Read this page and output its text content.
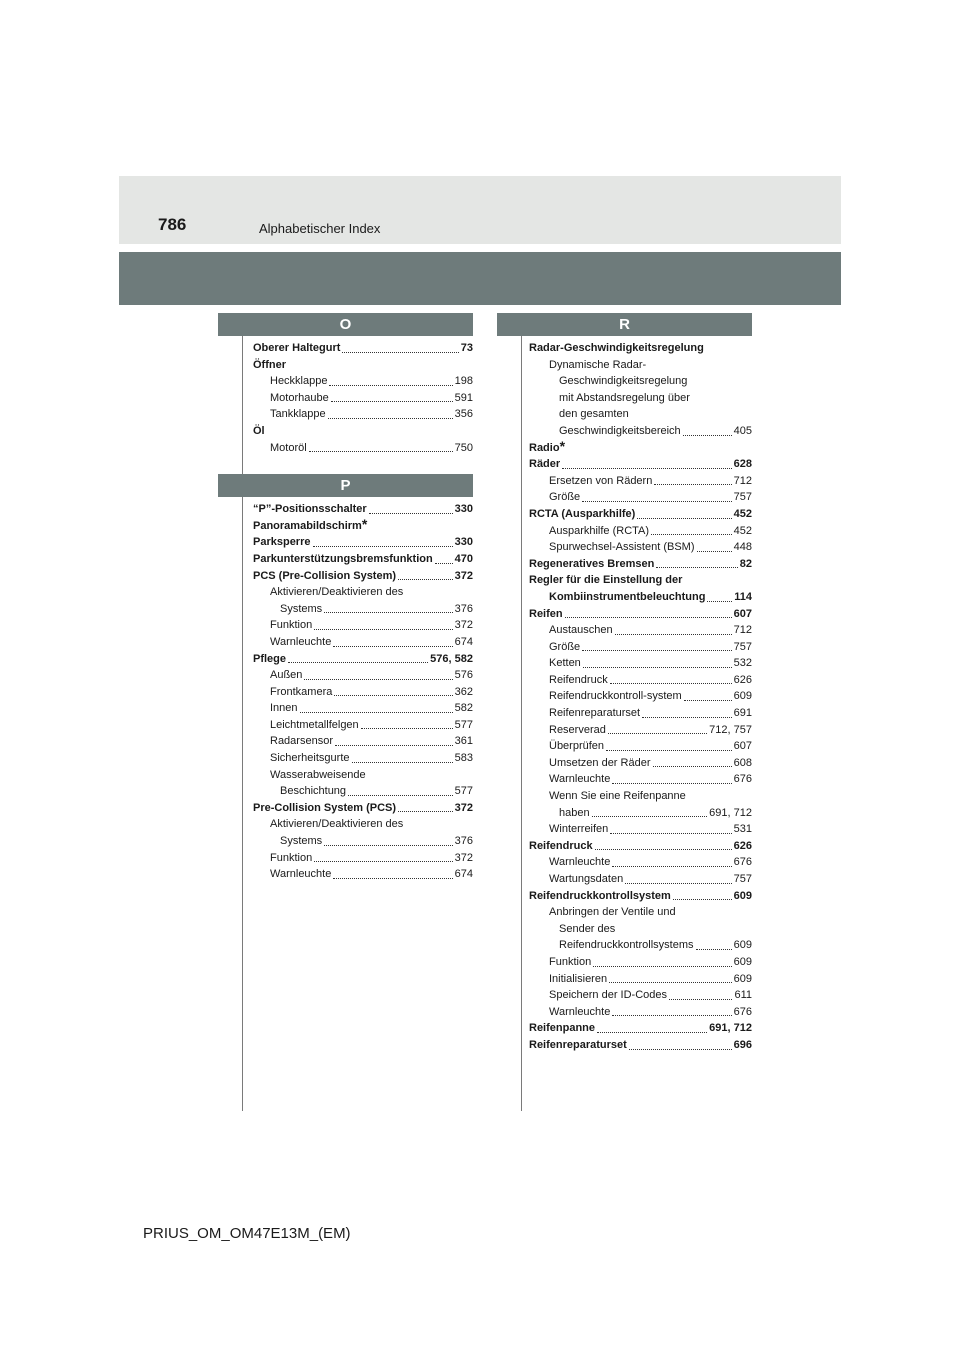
786	Alphabetischer Index
O
Oberer Haltegurt	73
Öffner
Heckklappe	198
Motorhaube	591
Tankklappe	356
Öl
Motoröl	750
P
“P”-Positionsschalter	330
Panoramabildschirm *
Parksperre	330
Parkunterstützungsbremsfunktion 470
PCS (Pre-Collision System)	372
Aktivieren/Deaktivieren des
Systems	376
Funktion	372
Warnleuchte	674
Pflege	576, 582
Außen	576
Frontkamera	362
Innen	582
Leichtmetallfelgen	577
Radarsensor	361
Sicherheitsgurte	583
Wasserabweisende
Beschichtung	577
Pre-Collision System (PCS)	372
Aktivieren/Deaktivieren des
Systems	376
Funktion	372
Warnleuchte	674
R
Radar-Geschwindigkeitsregelung
Dynamische Radar-
Geschwindigkeitsregelung
mit Abstandsregelung über
den gesamten
Geschwindigkeitsbereich	405
Radio *
Räder	628
Ersetzen von Rädern	712
Größe	757
RCTA (Ausparkhilfe)	452
Ausparkhilfe (RCTA)	452
Spurwechsel-Assistent (BSM)	448
Regeneratives Bremsen	82
Regler für die Einstellung der
Kombiinstrumentbeleuchtung	114
Reifen	607
Austauschen	712
Größe	757
Ketten	532
Reifendruck	626
Reifendruckkontroll-system	609
Reifenreparaturset	691
Reserverad	712, 757
Überprüfen	607
Umsetzen der Räder	608
Warnleuchte	676
Wenn Sie eine Reifenpanne
haben	691, 712
Winterreifen	531
Reifendruck	626
Warnleuchte	676
Wartungsdaten	757
Reifendruckkontrollsystem	609
Anbringen der Ventile und
Sender des
Reifendruckkontrollsystems	609
Funktion	609
Initialisieren	609
Speichern der ID-Codes	611
Warnleuchte	676
Reifenpanne	691, 712
Reifenreparaturset	696
PRIUS_OM_OM47E13M_(EM)
